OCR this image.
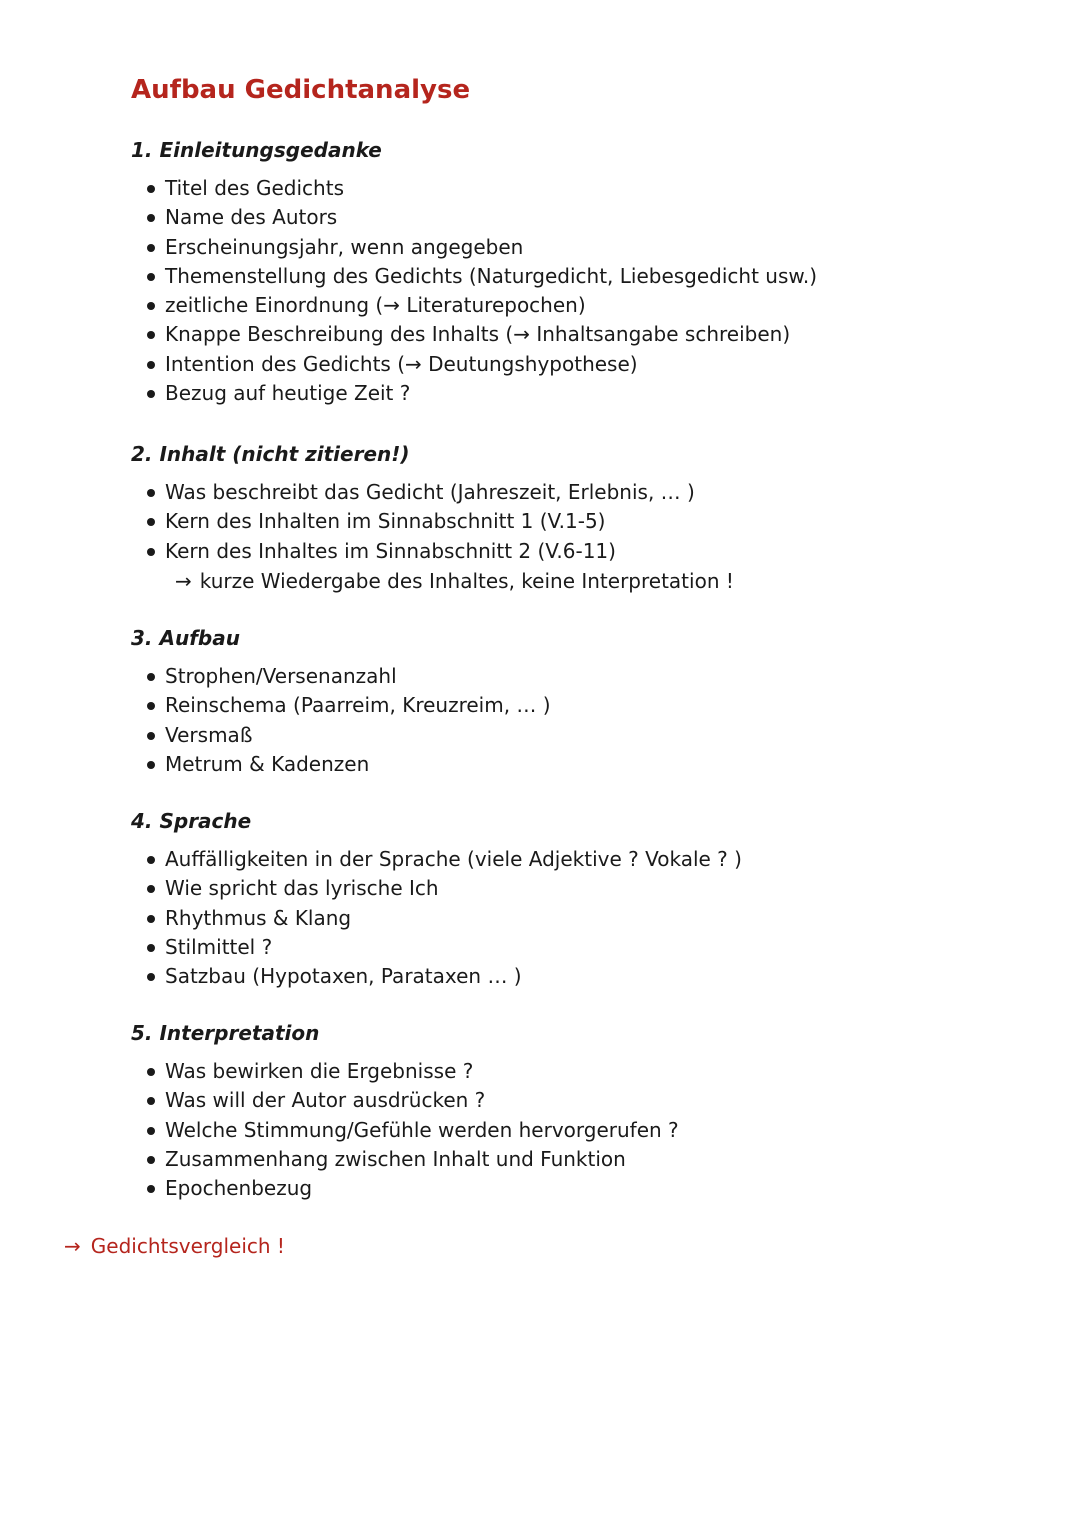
Aufbau Gedichtanalyse
1. Einleitungsgedanke
Titel des Gedichts
Name des Autors
Erscheinungsjahr, wenn angegeben
Themenstellung des Gedichts (Naturgedicht, Liebesgedicht usw.)
zeitliche Einordnung (→ Literaturepochen)
Knappe Beschreibung des Inhalts (→ Inhaltsangabe schreiben)
Intention des Gedichts (→ Deutungshypothese)
Bezug auf heutige Zeit ?
2. Inhalt (nicht zitieren!)
Was beschreibt das Gedicht (Jahreszeit, Erlebnis, … )
Kern des Inhalten im Sinnabschnitt 1 (V.1-5)
Kern des Inhaltes im Sinnabschnitt 2 (V.6-11)
→ kurze Wiedergabe des Inhaltes, keine Interpretation !
3. Aufbau
Strophen/Versenanzahl
Reinschema (Paarreim, Kreuzreim, … )
Versmaß
Metrum & Kadenzen
4. Sprache
Auffälligkeiten in der Sprache (viele Adjektive ? Vokale ? )
Wie spricht das lyrische Ich
Rhythmus & Klang
Stilmittel ?
Satzbau (Hypotaxen, Parataxen … )
5. Interpretation
Was bewirken die Ergebnisse ?
Was will der Autor ausdrücken ?
Welche Stimmung/Gefühle werden hervorgerufen ?
Zusammenhang zwischen Inhalt und Funktion
Epochenbezug
→ Gedichtsvergleich !
